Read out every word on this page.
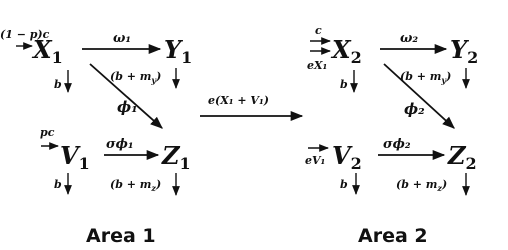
(1 − p)c
$X_1$
ω₁ $Y_1$
$(b + m_y)$
b
ϕ₁
pc
$V_1$
σϕ₁ $Z_1$
b	$(b + m_z)$
Area 1
e(X₁ + V₁)
c
eX₁
$X_2$
ω₂ $Y_2$
$(b + m_y)$
b
ϕ₂
eV₁ $V_2$
σϕ₂ $Z_2$
b	$(b + m_z)$
Area 2
